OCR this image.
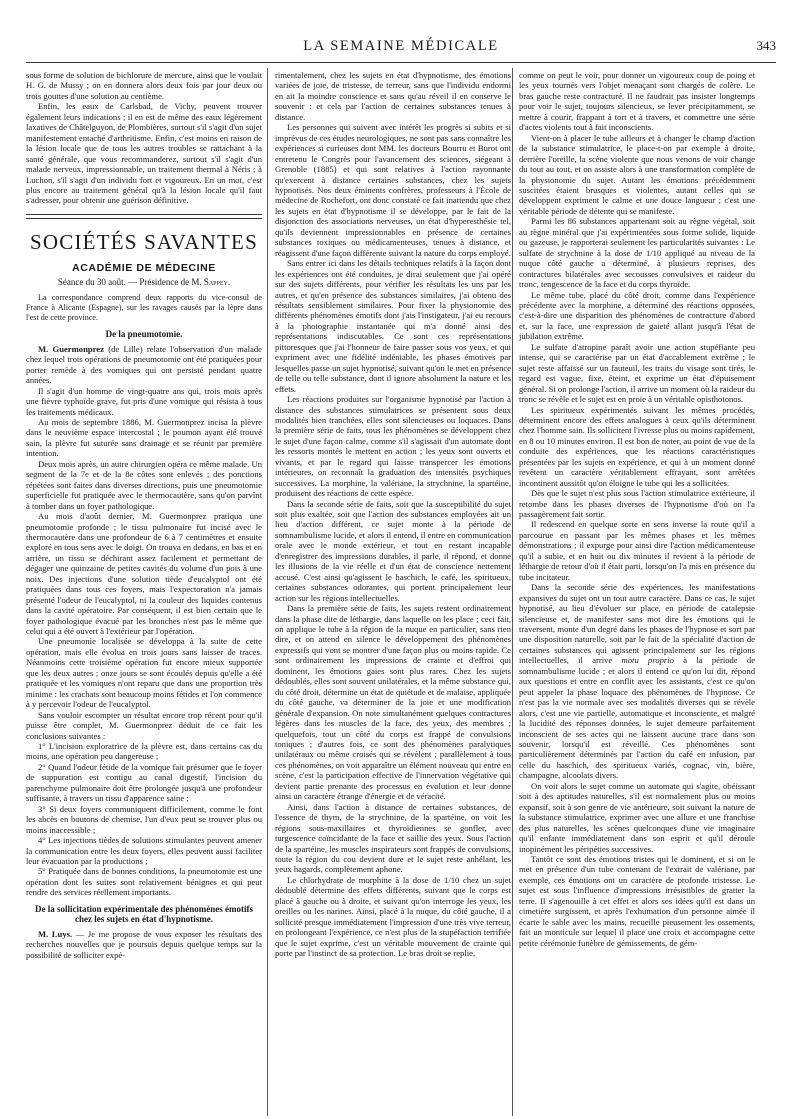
LA SEMAINE MÉDICALE	343

sous forme de solution de bichlorure de mercure, ainsi que le voulait H. G. de Mussy ; on en donnera alors deux fois par jour deux ou trois gouttes d'une solution au centième.

Enfin, les eaux de Carlsbad, de Vichy, peuvent trouver également leurs indications ; il en est de même des eaux légèrement laxatives de Châtelguyon, de Plombières, surtout s'il s'agit d'un sujet manifestement entaché d'arthritisme. Enfin, c'est moins en raison de la lésion locale que de tous les autres troubles se rattachant à la santé générale, que vous recommanderez, surtout s'il s'agit d'un malade nerveux, impressionnable, un traitement thermal à Néris ; à Luchon, s'il s'agit d'un individu fort et vigoureux. En un mot, c'est plus encore au traitement général qu'à la lésion locale qu'il faut s'adresser, pour obtenir une guérison définitive.

SOCIÉTÉS SAVANTES
ACADÉMIE DE MÉDECINE
Séance du 30 août. — Présidence de M. Sappey.

La correspondance comprend deux rapports du vice-consul de France à Alicante (Espagne), sur les ravages causés par la lèpre dans l'est de cette province.

De la pneumotomie.

M. Guermonprez (de Lille) relate l'observation d'un malade chez lequel trois opérations de pneumotomie ont été pratiquées pour porter remède à des vomiques qui ont persisté pendant quatre années.

Il s'agit d'un homme de vingt-quatre ans qui, trois mois après une fièvre typhoïde grave, fut pris d'une vomique qui résista à tous les traitements médicaux.

Au mois de septembre 1886, M. Guermonprez incisa la plèvre dans le neuvième espace intercostal ; le poumon ayant été trouvé sain, la plèvre fut suturée sans drainage et se réunit par première intention.

Deux mois après, un autre chirurgien opéra ce même malade. Un segment de la 7e et de la 8e côtes sont enlevés ; des ponctions répétées sont faites dans diverses directions, puis une pneumotomie superficielle fut pratiquée avec le thermocautère, sans qu'on parvînt à tomber dans un foyer pathologique.

Au mois d'août dernier, M. Guermonprez pratiqua une pneumotomie profonde ; le tissu pulmonaire fut incisé avec le thermocautère dans une profondeur de 6 à 7 centimètres et ensuite exploré en tous sens avec le doigt. On trouva en dedans, en bas et en arrière, un tissu se déchirant assez facilement et permettant de dégager une quinzaine de petites cavités du volume d'un pois à une noix. Des injections d'une solution tiède d'eucalyptol ont été pratiquées dans tous ces foyers, mais l'expectoration n'a jamais présenté l'odeur de l'eucalyptol, ni la couleur des liquides contenus dans la cavité opératoire. Par conséquent, il est bien certain que le foyer pathologique évacué par les bronches n'est pas le même que celui qui a été ouvert à l'extérieur par l'opération.

Une pneumonie localisée se développa à la suite de cette opération, mais elle évolua en trois jours sans laisser de traces. Néanmoins cette troisième opération fut encore mieux supportée que les deux autres ; onze jours se sont écoulés depuis qu'elle a été pratiquée et les vomiques n'ont reparu que dans une proportion très minime : les crachats sont beaucoup moins fétides et l'on commence à y percevoir l'odeur de l'eucalyptol.

Sans vouloir escompter un résultat encore trop récent pour qu'il puisse être complet, M. Guermonprez déduit de ce fait les conclusions suivantes :

1° L'incision exploratrice de la plèvre est, dans certains cas du moins, une opération peu dangereuse ;

2° Quand l'odeur fétide de la vomique fait présumer que le foyer de suppuration est contigu au canal digestif, l'incision du parenchyme pulmonaire doit être prolongée jusqu'à une profondeur suffisante, à travers un tissu d'apparence saine ;

3° Si deux foyers communiquent difficilement, comme le font les abcès en boutons de chemise, l'un d'eux peut se trouver plus ou moins inaccessible ;

4° Les injections tièdes de solutions stimulantes peuvent amener la communication entre les deux foyers, elles peuvent aussi faciliter leur évacuation par la productions ;

5° Pratiquée dans de bonnes conditions, la pneumotomie est une opération dont les suites sont relativement bénignes et qui peut rendre des services réellement importants.

De la sollicitation expérimentale des phénomènes émotifs chez les sujets en état d'hypnotisme.

M. Luys. — Je me propose de vous exposer les résultats des recherches nouvelles que je poursuis depuis quelque temps sur la possibilité de solliciter expé-

rimentalement, chez les sujets en état d'hypnotisme, des émotions variées de joie, de tristesse, de terreur, sans que l'individu endormi en ait la moindre conscience et sans qu'au réveil il en conserve le souvenir : et cela par l'action de certaines substances tenues à distance.

Les personnes qui suivent avec intérêt les progrès si subits et si imprévus de ces études neurologiques, ne sont pas sans connaître les expériences si curieuses dont MM. les docteurs Bourru et Burot ont entretenu le Congrès pour l'avancement des sciences, siégeant à Grenoble (1885) et qui sont relatives à l'action rayonnante qu'exercent à distance certaines substances, chez les sujets hypnotisés. Nos deux éminents confrères, professeurs à l'École de médecine de Rochefort, ont donc constaté ce fait inattendu que chez les sujets en état d'hypnotisme il se développe, par le fait de la disjonction des associations nerveuses, un état d'hyperesthésie tel, qu'ils deviennent impressionnables en présence de certaines substances toxiques ou médicamenteuses, tenues à distance, et réagissent d'une façon différente suivant la nature du corps employé.

Sans entrer ici dans les détails techniques relatifs à la façon dont les expériences ont été conduites, je dirai seulement que j'ai opéré sur des sujets différents, pour vérifier les résultats les uns par les autres, et qu'en présence des substances similaires, j'ai obtenu des résultats sensiblement similaires. Pour fixer la physionomie des différents phénomènes émotifs dont j'ais l'instigateur, j'ai eu recours à la photographie instantanée qui m'a donné ainsi des représentations indiscutables. Ce sont ces représentations pittoresques que j'ai l'honneur de faire passer sous vos yeux, et qui expriment avec une fidélité indéniable, les phases émotives par lesquelles passe un sujet hypnotisé, suivant qu'on le met en présence de telle ou telle substance, dont il ignore absolument la nature et les effets.

Les réactions produites sur l'organisme hypnotisé par l'action à distance des substances stimulatrices se présentent sous deux modalités bien tranchées, elles sont silencieuses ou loquaces. Dans la première série de faits, tous les phénomènes se développent chez le sujet d'une façon calme, comme s'il s'agissait d'un automate dont les ressorts montés le mettent en action ; les yeux sont ouverts et vivants, et par le regard qui laisse transpercer les émotions intérieures, on reconnaît la graduation des intensités psychiques successives. La morphine, la valériane, la strychnine, la spartéine, produisent des réactions de cette espèce.

Dans la seconde série de faits, soit que la susceptibilité du sujet soit plus exaltée, soit que l'action des substances employées ait un lieu d'action différent, ce sujet monte à la période de somnambulisme lucide, et alors il entend, il entre en communication orale avec le monde extérieur, et tout en restant incapable d'enregistrer des impressions durables, il parle, il répond, et donne les illusions de la vie réelle et d'un état de conscience nettement accusé. C'est ainsi qu'agissent le haschich, le café, les spiritueux, certaines substances odorantes, qui portent principalement leur action sur les régions intellectuelles.

Dans la première série de faits, les sujets restent ordinairement dans la phase dite de léthargie, dans laquelle on les place ; ceci fait, on applique le tube à la région de la nuque en particulier, sans rien dire, et on attend en silence le développement des phénomènes expressifs qui vont se montrer d'une façon plus ou moins rapide. Ce sont ordinairement les impressions de crainte et d'effroi qui dominent, les émotions gaies sont plus rares. Chez les sujets dédoublés, elles sont souvent unilatérales, et la même substance qui, du côté droit, détermine un état de quiétude et de malaise, appliquée du côté gauche, va déterminer de la joie et une modification générale d'expansion. On note simultanément quelques contractures légères dans les muscles de la face, des yeux, des membres ; quelquefois, tout un côté du corps est frappé de convulsions toniques ; d'autres fois, ce sont des phénomènes paralytiques unilatéraux ou même croisés qui se révèlent ; parallèlement à tous ces phénomènes, on voit apparaître un élément nouveau qui entre en scène, c'est la participation effective de l'innervation végétative qui devient partie prenante des processus en évolution et leur donne ainsi un caractère étrange d'énergie et de véracité.

Ainsi, dans l'action à distance de certaines substances, de l'essence de thym, de la strychnine, de la spartéine, on voit les régions sous-maxillaires et thyroïdiennes se gonfler, avec turgescence coïncidante de la face et saillie des yeux. Sous l'action de la spartéine, les muscles inspirateurs sont frappés de convulsions, toute la région du cou devient dure et le sujet reste anhélant, les yeux hagards, complètement aphone.

Le chlorhydrate de morphine à la dose de 1/10 chez un sujet dédoublé détermine des effets différents, suivant que le corps est placé à gauche ou à droite, et suivant qu'on interroge les yeux, les oreilles ou les narines. Ainsi, placé à la nuque, du côté gauche, il a sollicité presque immédiatement l'impression d'une très vive terreur, en prolongeant l'expérience, ce n'est plus de la stupéfaction terrifiée que le sujet exprime, c'est un véritable mouvement de crainte qui porte par l'instinct de sa protection. Le bras droit se replie,

comme on peut le voir, pour donner un vigoureux coup de poing et les yeux tournés vers l'objet menaçant sont chargés de colère. Le bras gauche reste contracturé. Il ne faudrait pas insister longtemps pour voir le sujet, toujours silencieux, se lever précipitamment, se mettre à courir, frappant à tort et à travers, et commettre une série d'actes violents tout à fait inconscients.

Vient-on à placer le tube ailleurs et à changer le champ d'action de la substance stimulatrice, le place-t-on par exemple à droite, derrière l'oreille, la scène violente que nous venons de voir change du tout au tout, et on assiste alors à une transformation complète de la physionomie du sujet. Autant les émotions précédemment suscitées étaient brusques et violentes, autant celles qui se développent expriment le calme et une douce langueur ; c'est une véritable période de détente qui se manifeste.

Parmi les 86 substances appartenant soit au règne végétal, soit au règne minéral que j'ai expérimentées sous forme solide, liquide ou gazeuse, je rapporterai seulement les particularités suivantes : Le sulfate de strychnine à la dose de 1/10 appliqué au niveau de la nuque côté gauche a déterminé, à plusieurs reprises, des contractures bilatérales avec secousses convulsives et raideur du tronc, tengescence de la face et du corps thyroïde.

Le même tube, placé du côté droit, comme dans l'expérience précédente avec la morphine, a déterminé des réactions opposées, c'est-à-dire une disparition des phénomènes de contracture d'abord et, sur la face, une expression de gaieté allant jusqu'à l'état de jubilation extrême.

Le sulfate d'atropine paraît avoir une action stupéfiante peu intense, qui se caractérise par un état d'accablement extrême ; le sujet reste affaissé sur un fauteuil, les traits du visage sont tirés, le regard est vague, fixe, éteint, et exprime un état d'épuisement général. Si on prolonge l'action, il arrive un moment où la raideur du tronc se révèle et le sujet est en proie à un véritable opisthotonos.

Les spiritueux expérimentés suivant les mêmes procédés, déterminent encore des effets analogues à ceux qu'ils déterminent chez l'homme sain. Ils sollicitent l'ivresse plus ou moins rapidement, en 8 ou 10 minutes environ. Il est bon de noter, au point de vue de la conduite des expériences, que les réactions caractéristiques présentées par les sujets en expérience, et qui à un moment donné revêtent un caractère véritablement effrayant, sont arrêtées incontinent aussitôt qu'on éloigne le tube qui les a sollicitées.

Dès que le sujet n'est plus sous l'action stimulatrice extérieure, il retombe dans les phases diverses de l'hypnotisme d'où on l'a passagèrement fait sortir.

Il redescend en quelque sorte en sens inverse la route qu'il a parcourue en passant par les mêmes phases et les mêmes démonstrations ; il expurge pour ainsi dire l'action médicamenteuse qu'il a subie, et en huit ou dix minutes il revient à la période de léthargie de retour d'où il était parti, lorsqu'on l'a mis en présence du tube incitateur.

Dans la seconde série des expériences, les manifestations expansives du sujet ont un tout autre caractère. Dans ce cas, le sujet hypnotisé, au lieu d'évoluer sur place, en période de catalepsie silencieuse et, de manifester sans mot dire les émotions qui le traversent, monte d'un degré dans les phases de l'hypnose et sort par une disposition naturelle, soit par le fait de la spécialité d'action de certaines substances qui agissent principalement sur les régions intellectuelles, il arrive motu proprio à la période de somnambulisme lucide ; et alors il entend ce qu'on lui dit, répond aux questions et entre en conflit avec les assistants, c'est ce qu'on peut appeler la phase loquace des phénomènes de l'hypnose. Ce n'est pas la vie normale avec ses modalités diverses qui se révèle alors, c'est une vie partielle, automatique et inconsciente, et malgré la lucidité des réponses données, le sujet demeure parfaitement inconscient de ses actes qui ne laissent aucune trace dans son souvenir, lorsqu'il est réveillé. Ces phénomènes sont particulièrement déterminés par l'action du café en infusion, par celle du haschich, des spiritueux variés, cognac, vin, bière, champagne, alcoolats divers.

On voit alors le sujet comme un automate qui s'agite, obéissant soit à des aptitudes naturelles, s'il est normalement plus ou moins expansif, soit à son genre de vie antérieure, soit suivant la nature de la substance stimulatrice, exprimer avec une allure et une franchise des plus naturelles, les scènes quelconques d'une vie imaginaire qu'il enfante immédiatement dans son esprit et qu'il déroule inopinément les péripéties successives.

Tantôt ce sont des émotions tristes qui le dominent, et si on le met en présence d'un tube contenant de l'extrait de valériane, par exemple, ces émotions ont un caractère de profonde tristesse. Le sujet est sous l'influence d'impressions irrésistibles de gratter la terre. Il s'agenouille à cet effet et alors ses idées qu'il est dans un cimetière surgissent, et après l'exhumation d'un personne aimée il écarte le sable avec les mains, recueille pieusement les ossements, fait un monticule sur lequel il place une croix et accompagne cette petite cérémonie funèbre de gémissements, de gém-
